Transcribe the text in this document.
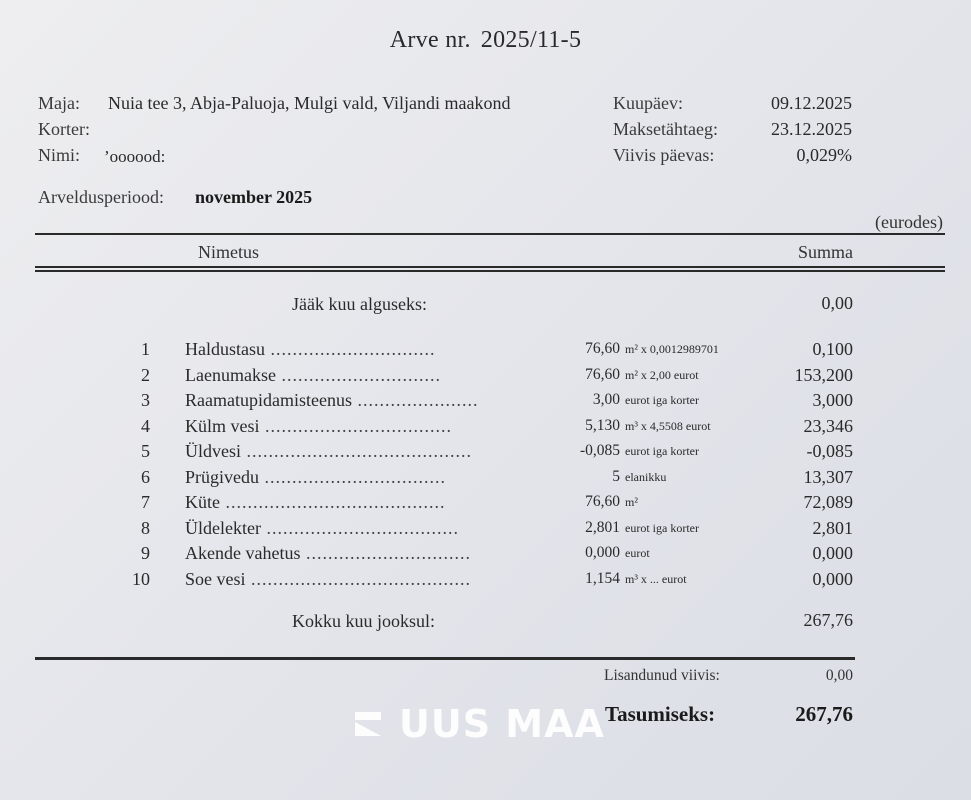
Arve nr. 2025/11-5
Maja: Nuia tee 3, Abja-Paluoja, Mulgi vald, Viljandi maakond
Korter:
Nimi: ’oooood:
Arveldusperiood: november 2025
Kuupäev:	09.12.2025
Maksetähtaeg:	23.12.2025
Viivis päevas:	0,029%
(eurodes)
Nimetus	Summa
Jääk kuu alguseks:	0,00
1 Haldustasu ..............................	76,60 m² x 0,0012989701	0,100
2 Laenumakse .............................	76,60 m² x 2,00 eurot	153,200
3 Raamatupidamisteenus ......................	3,00 eurot iga korter	3,000
4 Külm vesi ..................................	5,130 m³ x 4,5508 eurot	23,346
5 Üldvesi .........................................	-0,085 eurot iga korter	-0,085
6 Prügivedu .................................	5 elanikku	13,307
7 Küte ........................................	76,60 m²	72,089
8 Üldelekter ...................................	2,801 eurot iga korter	2,801
9 Akende vahetus ..............................	0,000 eurot	0,000
10 Soe vesi ........................................	1,154 m³ x ... eurot	0,000
Kokku kuu jooksul:	267,76
Lisandunud viivis:	0,00
Tasumiseks:	267,76
UUS MAA
